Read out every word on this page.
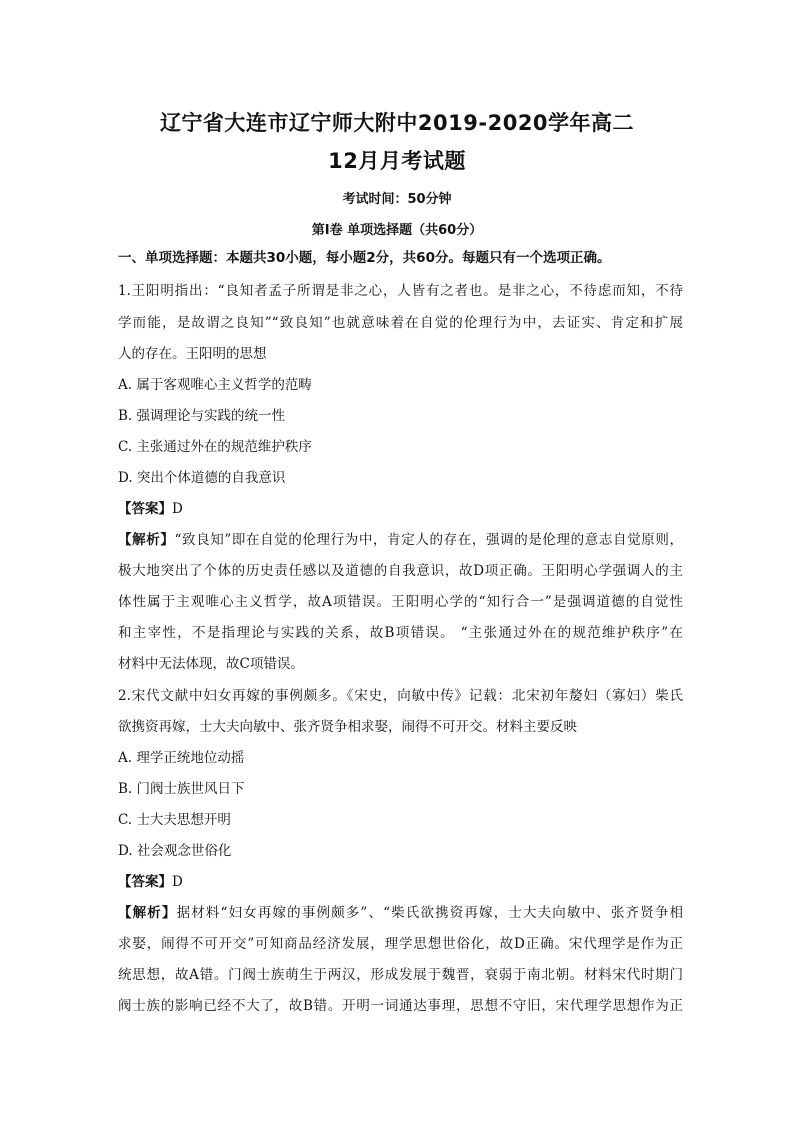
辽宁省大连市辽宁师大附中2019-2020学年高二
12月月考试题
考试时间：50分钟
第Ⅰ卷 单项选择题（共60分）
一、单项选择题：本题共30小题，每小题2分，共60分。每题只有一个选项正确。
1.王阳明指出：“良知者孟子所谓是非之心，人皆有之者也。是非之心，不待虑而知，不待
学而能，是故谓之良知”“致良知”也就意味着在自觉的伦理行为中，去证实、肯定和扩展
人的存在。王阳明的思想
A. 属于客观唯心主义哲学的范畴
B. 强调理论与实践的统一性
C. 主张通过外在的规范维护秩序
D. 突出个体道德的自我意识
【答案】D
【解析】“致良知”即在自觉的伦理行为中，肯定人的存在，强调的是伦理的意志自觉原则，
极大地突出了个体的历史责任感以及道德的自我意识，故D项正确。王阳明心学强调人的主
体性属于主观唯心主义哲学，故A项错误。王阳明心学的“知行合一”是强调道德的自觉性
和主宰性，不是指理论与实践的关系，故B项错误。 “主张通过外在的规范维护秩序”在
材料中无法体现，故C项错误。
2.宋代文献中妇女再嫁的事例颇多。《宋史，向敏中传》记载：北宋初年嫠妇（寡妇）柴氏
欲携资再嫁，士大夫向敏中、张齐贤争相求娶，闹得不可开交。材料主要反映
A. 理学正统地位动摇
B. 门阀士族世风日下
C. 士大夫思想开明
D. 社会观念世俗化
【答案】D
【解析】据材料“妇女再嫁的事例颇多”、“柴氏欲携资再嫁，士大夫向敏中、张齐贤争相
求娶，闹得不可开交”可知商品经济发展，理学思想世俗化，故D正确。宋代理学是作为正
统思想，故A错。门阀士族萌生于两汉，形成发展于魏晋，衰弱于南北朝。材料宋代时期门
阀士族的影响已经不大了，故B错。开明一词通达事理，思想不守旧，宋代理学思想作为正
